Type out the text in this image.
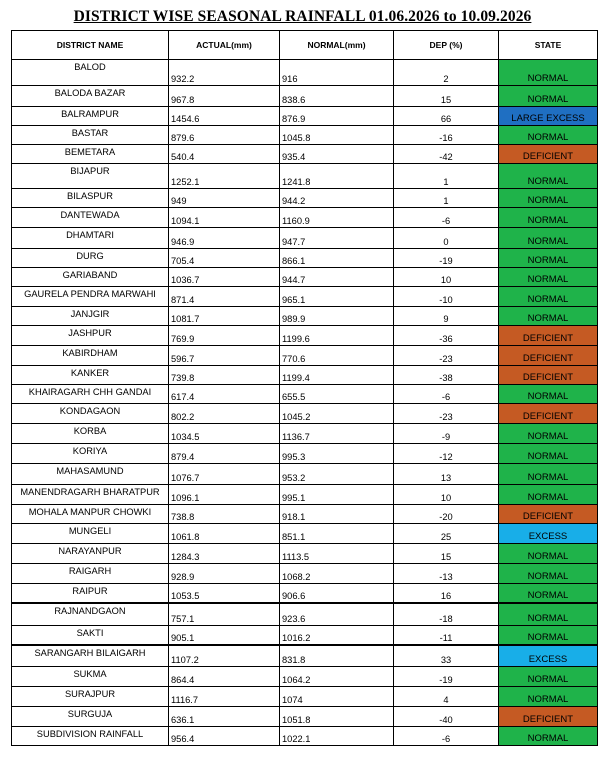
DISTRICT WISE SEASONAL RAINFALL 01.06.2026 to 10.09.2026
DISTRICT NAME	ACTUAL(mm)	NORMAL(mm)	DEP (%)	STATE
BALOD	932.2	916	2	NORMAL
BALODA BAZAR	967.8	838.6	15	NORMAL
BALRAMPUR	1454.6	876.9	66	LARGE EXCESS
BASTAR	879.6	1045.8	-16	NORMAL
BEMETARA	540.4	935.4	-42	DEFICIENT
BIJAPUR	1252.1	1241.8	1	NORMAL
BILASPUR	949	944.2	1	NORMAL
DANTEWADA	1094.1	1160.9	-6	NORMAL
DHAMTARI	946.9	947.7	0	NORMAL
DURG	705.4	866.1	-19	NORMAL
GARIABAND	1036.7	944.7	10	NORMAL
GAURELA PENDRA MARWAHI	871.4	965.1	-10	NORMAL
JANJGIR	1081.7	989.9	9	NORMAL
JASHPUR	769.9	1199.6	-36	DEFICIENT
KABIRDHAM	596.7	770.6	-23	DEFICIENT
KANKER	739.8	1199.4	-38	DEFICIENT
KHAIRAGARH CHH GANDAI	617.4	655.5	-6	NORMAL
KONDAGAON	802.2	1045.2	-23	DEFICIENT
KORBA	1034.5	1136.7	-9	NORMAL
KORIYA	879.4	995.3	-12	NORMAL
MAHASAMUND	1076.7	953.2	13	NORMAL
MANENDRAGARH BHARATPUR	1096.1	995.1	10	NORMAL
MOHALA MANPUR CHOWKI	738.8	918.1	-20	DEFICIENT
MUNGELI	1061.8	851.1	25	EXCESS
NARAYANPUR	1284.3	1113.5	15	NORMAL
RAIGARH	928.9	1068.2	-13	NORMAL
RAIPUR	1053.5	906.6	16	NORMAL
RAJNANDGAON	757.1	923.6	-18	NORMAL
SAKTI	905.1	1016.2	-11	NORMAL
SARANGARH BILAIGARH	1107.2	831.8	33	EXCESS
SUKMA	864.4	1064.2	-19	NORMAL
SURAJPUR	1116.7	1074	4	NORMAL
SURGUJA	636.1	1051.8	-40	DEFICIENT
SUBDIVISION RAINFALL	956.4	1022.1	-6	NORMAL
